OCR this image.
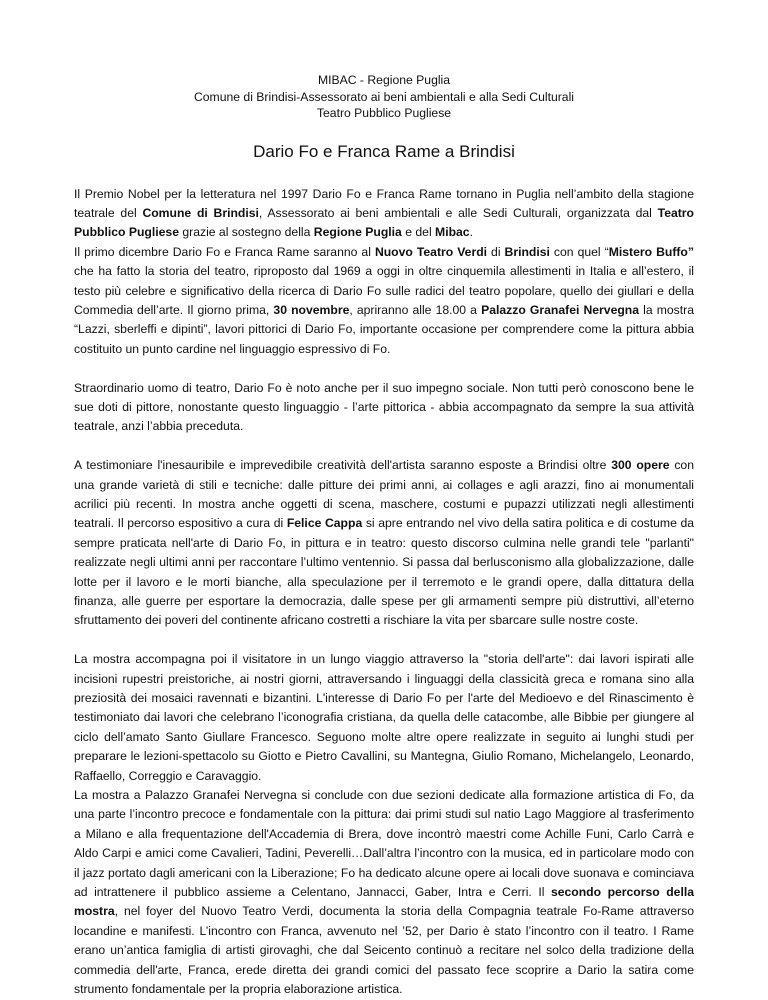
MIBAC - Regione Puglia
Comune di Brindisi-Assessorato ai beni ambientali e alla Sedi Culturali
Teatro Pubblico Pugliese
Dario Fo e Franca Rame a Brindisi

Il Premio Nobel per la letteratura nel 1997 Dario Fo e Franca Rame tornano in Puglia nell’ambito della stagione teatrale del Comune di Brindisi, Assessorato ai beni ambientali e alle Sedi Culturali, organizzata dal Teatro Pubblico Pugliese grazie al sostegno della Regione Puglia e del Mibac.

Il primo dicembre Dario Fo e Franca Rame saranno al Nuovo Teatro Verdi di Brindisi con quel “Mistero Buffo” che ha fatto la storia del teatro, riproposto dal 1969 a oggi in oltre cinquemila allestimenti in Italia e all’estero, il testo più celebre e significativo della ricerca di Dario Fo sulle radici del teatro popolare, quello dei giullari e della Commedia dell’arte. Il giorno prima, 30 novembre, apriranno alle 18.00 a Palazzo Granafei Nervegna la mostra “Lazzi, sberleffi e dipinti”, lavori pittorici di Dario Fo, importante occasione per comprendere come la pittura abbia costituito un punto cardine nel linguaggio espressivo di Fo.

Straordinario uomo di teatro, Dario Fo è noto anche per il suo impegno sociale. Non tutti però conoscono bene le sue doti di pittore, nonostante questo linguaggio - l’arte pittorica - abbia accompagnato da sempre la sua attività teatrale, anzi l’abbia preceduta.

A testimoniare l'inesauribile e imprevedibile creatività dell'artista saranno esposte a Brindisi oltre 300 opere con una grande varietà di stili e tecniche: dalle pitture dei primi anni, ai collages e agli arazzi, fino ai monumentali acrilici più recenti. In mostra anche oggetti di scena, maschere, costumi e pupazzi utilizzati negli allestimenti teatrali. Il percorso espositivo a cura di Felice Cappa si apre entrando nel vivo della satira politica e di costume da sempre praticata nell'arte di Dario Fo, in pittura e in teatro: questo discorso culmina nelle grandi tele "parlanti" realizzate negli ultimi anni per raccontare l’ultimo ventennio. Si passa dal berlusconismo alla globalizzazione, dalle lotte per il lavoro e le morti bianche, alla speculazione per il terremoto e le grandi opere, dalla dittatura della finanza, alle guerre per esportare la democrazia, dalle spese per gli armamenti sempre più distruttivi, all’eterno sfruttamento dei poveri del continente africano costretti a rischiare la vita per sbarcare sulle nostre coste.

La mostra accompagna poi il visitatore in un lungo viaggio attraverso la "storia dell'arte": dai lavori ispirati alle incisioni rupestri preistoriche, ai nostri giorni, attraversando i linguaggi della classicità greca e romana sino alla preziosità dei mosaici ravennati e bizantini. L'interesse di Dario Fo per l'arte del Medioevo e del Rinascimento è testimoniato dai lavori che celebrano l’iconografia cristiana, da quella delle catacombe, alle Bibbie per giungere al ciclo dell’amato Santo Giullare Francesco. Seguono molte altre opere realizzate in seguito ai lunghi studi per preparare le lezioni-spettacolo su Giotto e Pietro Cavallini, su Mantegna, Giulio Romano, Michelangelo, Leonardo, Raffaello, Correggio e Caravaggio.

La mostra a Palazzo Granafei Nervegna si conclude con due sezioni dedicate alla formazione artistica di Fo, da una parte l’incontro precoce e fondamentale con la pittura: dai primi studi sul natio Lago Maggiore al trasferimento a Milano e alla frequentazione dell'Accademia di Brera, dove incontrò maestri come Achille Funi, Carlo Carrà e Aldo Carpi e amici come Cavalieri, Tadini, Peverelli…Dall’altra l’incontro con la musica, ed in particolare modo con il jazz portato dagli americani con la Liberazione; Fo ha dedicato alcune opere ai locali dove suonava e cominciava ad intrattenere il pubblico assieme a Celentano, Jannacci, Gaber, Intra e Cerri. Il secondo percorso della mostra, nel foyer del Nuovo Teatro Verdi, documenta la storia della Compagnia teatrale Fo-Rame attraverso locandine e manifesti. L’incontro con Franca, avvenuto nel ’52, per Dario è stato l’incontro con il teatro. I Rame erano un’antica famiglia di artisti girovaghi, che dal Seicento continuò a recitare nel solco della tradizione della commedia dell'arte, Franca, erede diretta dei grandi comici del passato fece scoprire a Dario la satira come strumento fondamentale per la propria elaborazione artistica.
